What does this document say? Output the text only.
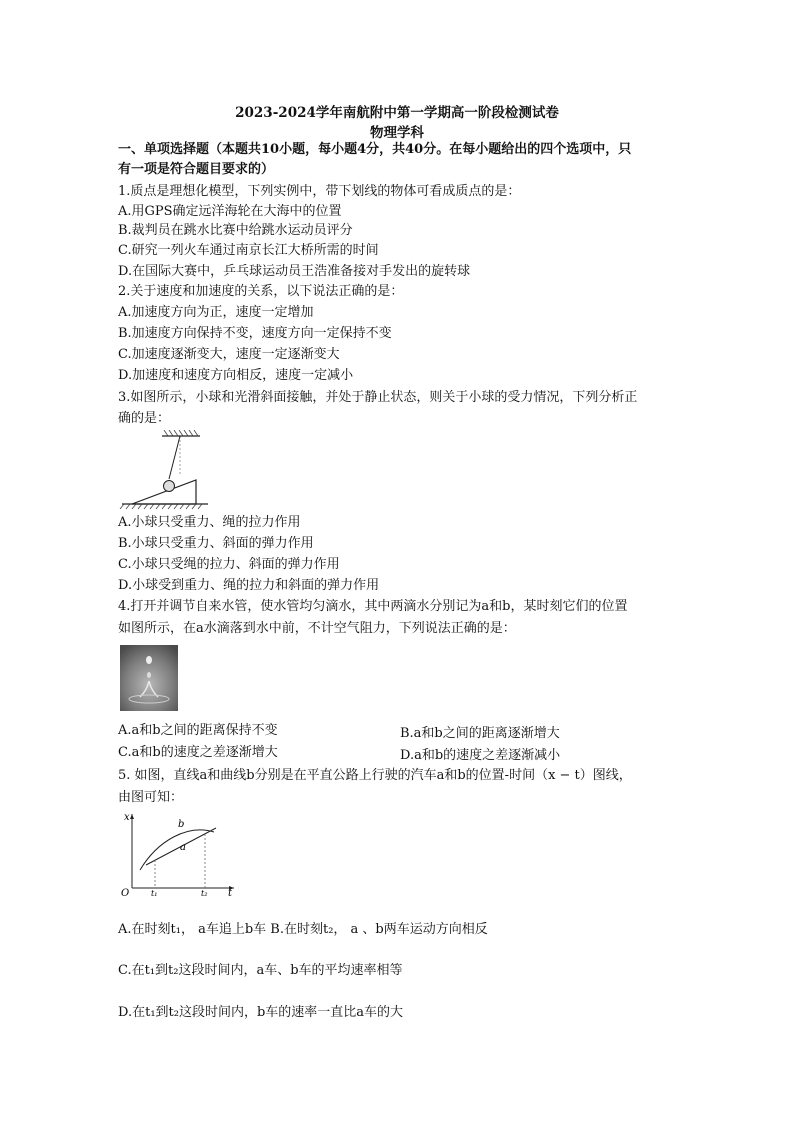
2023-2024学年南航附中第一学期高一阶段检测试卷
物理学科
一、单项选择题（本题共10小题，每小题4分，共40分。在每小题给出的四个选项中，只
有一项是符合题目要求的）
1.质点是理想化模型，下列实例中，带下划线的物体可看成质点的是：
A.用GPS确定远洋海轮在大海中的位置
B.裁判员在跳水比赛中给跳水运动员评分
C.研究一列火车通过南京长江大桥所需的时间
D.在国际大赛中，乒乓球运动员王浩准备接对手发出的旋转球
2.关于速度和加速度的关系，以下说法正确的是：
A.加速度方向为正，速度一定增加
B.加速度方向保持不变，速度方向一定保持不变
C.加速度逐渐变大，速度一定逐渐变大
D.加速度和速度方向相反，速度一定减小
3.如图所示，小球和光滑斜面接触，并处于静止状态，则关于小球的受力情况，下列分析正
确的是：
A.小球只受重力、绳的拉力作用
B.小球只受重力、斜面的弹力作用
C.小球只受绳的拉力、斜面的弹力作用
D.小球受到重力、绳的拉力和斜面的弹力作用
4.打开并调节自来水管，使水管均匀滴水，其中两滴水分别记为a和b，某时刻它们的位置
如图所示，在a水滴落到水中前，不计空气阻力，下列说法正确的是：
A.a和b之间的距离保持不变	B.a和b之间的距离逐渐增大
C.a和b的速度之差逐渐增大	D.a和b的速度之差逐渐减小
5. 如图，直线a和曲线b分别是在平直公路上行驶的汽车a和b的位置-时间（x − t）图线，
由图可知：
x
t
O
b
a
t₁	t₂
A.在时刻t₁， a车追上b车 B.在时刻t₂， a 、b两车运动方向相反
C.在t₁到t₂这段时间内，a车、b车的平均速率相等
D.在t₁到t₂这段时间内，b车的速率一直比a车的大
